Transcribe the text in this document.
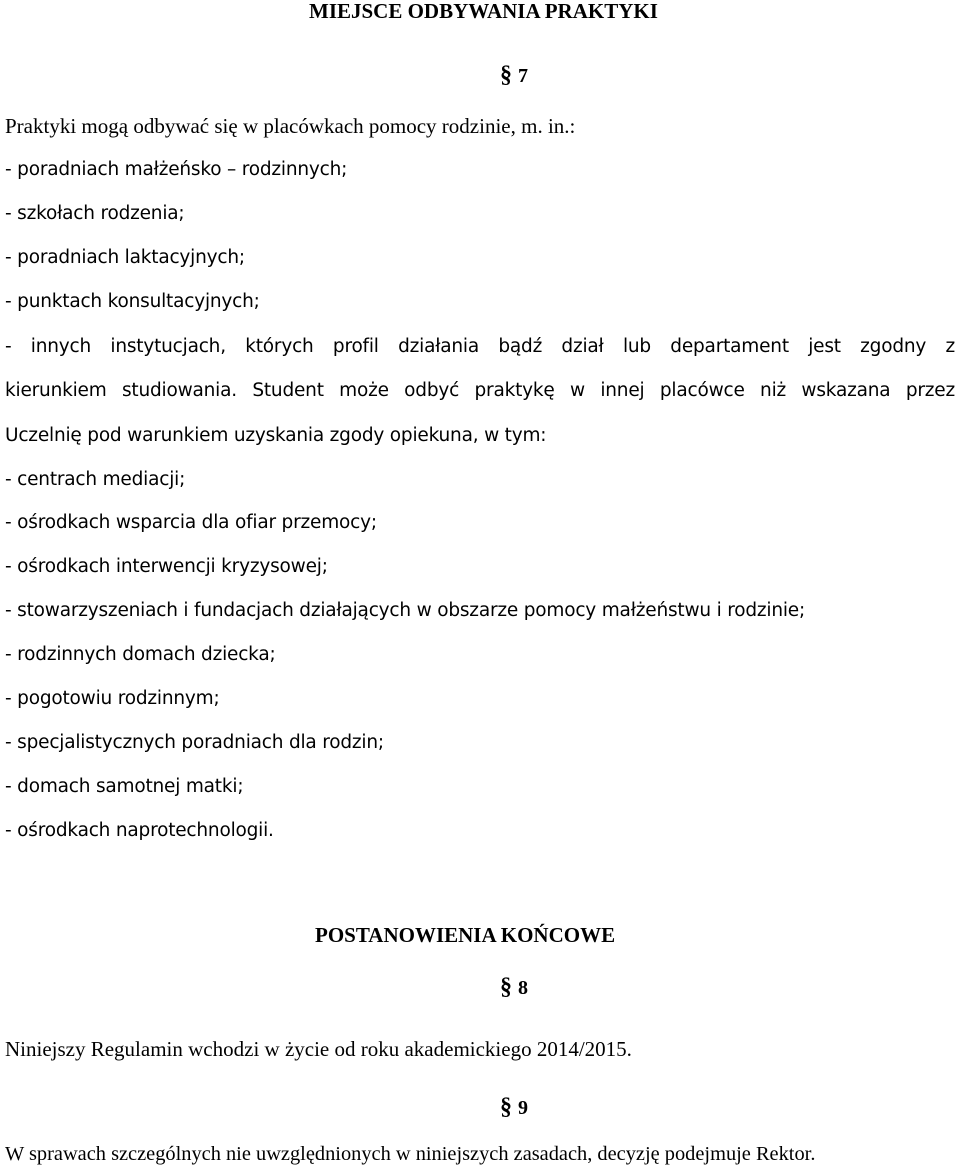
MIEJSCE ODBYWANIA PRAKTYKI
§ 7
Praktyki mogą odbywać się w placówkach pomocy rodzinie, m. in.:
- poradniach małżeńsko – rodzinnych;
- szkołach rodzenia;
- poradniach laktacyjnych;
- punktach konsultacyjnych;
- innych instytucjach, których profil działania bądź dział lub departament jest zgodny z
kierunkiem studiowania. Student może odbyć praktykę w innej placówce niż wskazana przez
Uczelnię pod warunkiem uzyskania zgody opiekuna, w tym:
- centrach mediacji;
- ośrodkach wsparcia dla ofiar przemocy;
- ośrodkach interwencji kryzysowej;
- stowarzyszeniach i fundacjach działających w obszarze pomocy małżeństwu i rodzinie;
- rodzinnych domach dziecka;
- pogotowiu rodzinnym;
- specjalistycznych poradniach dla rodzin;
- domach samotnej matki;
- ośrodkach naprotechnologii.
POSTANOWIENIA KOŃCOWE
§ 8
Niniejszy Regulamin wchodzi w życie od roku akademickiego 2014/2015.
§ 9
W sprawach szczególnych nie uwzględnionych w niniejszych zasadach, decyzję podejmuje Rektor.
